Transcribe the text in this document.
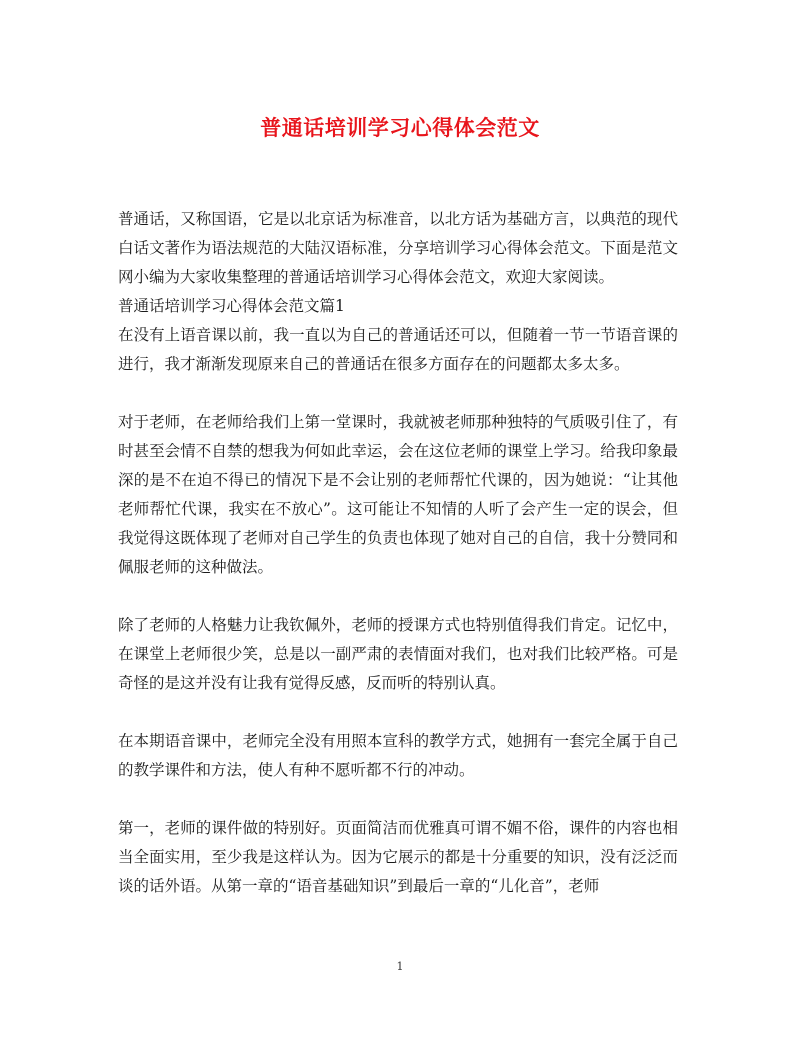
普通话培训学习心得体会范文

普通话，又称国语，它是以北京话为标准音，以北方话为基础方言，以典范的现代白话文著作为语法规范的大陆汉语标准，分享培训学习心得体会范文。下面是范文网小编为大家收集整理的普通话培训学习心得体会范文，欢迎大家阅读。

普通话培训学习心得体会范文篇1

在没有上语音课以前，我一直以为自己的普通话还可以，但随着一节一节语音课的进行，我才渐渐发现原来自己的普通话在很多方面存在的问题都太多太多。

对于老师，在老师给我们上第一堂课时，我就被老师那种独特的气质吸引住了，有时甚至会情不自禁的想我为何如此幸运，会在这位老师的课堂上学习。给我印象最深的是不在迫不得已的情况下是不会让别的老师帮忙代课的，因为她说：“让其他老师帮忙代课，我实在不放心”。这可能让不知情的人听了会产生一定的误会，但我觉得这既体现了老师对自己学生的负责也体现了她对自己的自信，我十分赞同和佩服老师的这种做法。

除了老师的人格魅力让我钦佩外，老师的授课方式也特别值得我们肯定。记忆中，在课堂上老师很少笑，总是以一副严肃的表情面对我们，也对我们比较严格。可是奇怪的是这并没有让我有觉得反感，反而听的特别认真。

在本期语音课中，老师完全没有用照本宣科的教学方式，她拥有一套完全属于自己的教学课件和方法，使人有种不愿听都不行的冲动。

第一，老师的课件做的特别好。页面简洁而优雅真可谓不媚不俗，课件的内容也相当全面实用，至少我是这样认为。因为它展示的都是十分重要的知识，没有泛泛而谈的话外语。从第一章的“语音基础知识”到最后一章的“儿化音”，老师

1
